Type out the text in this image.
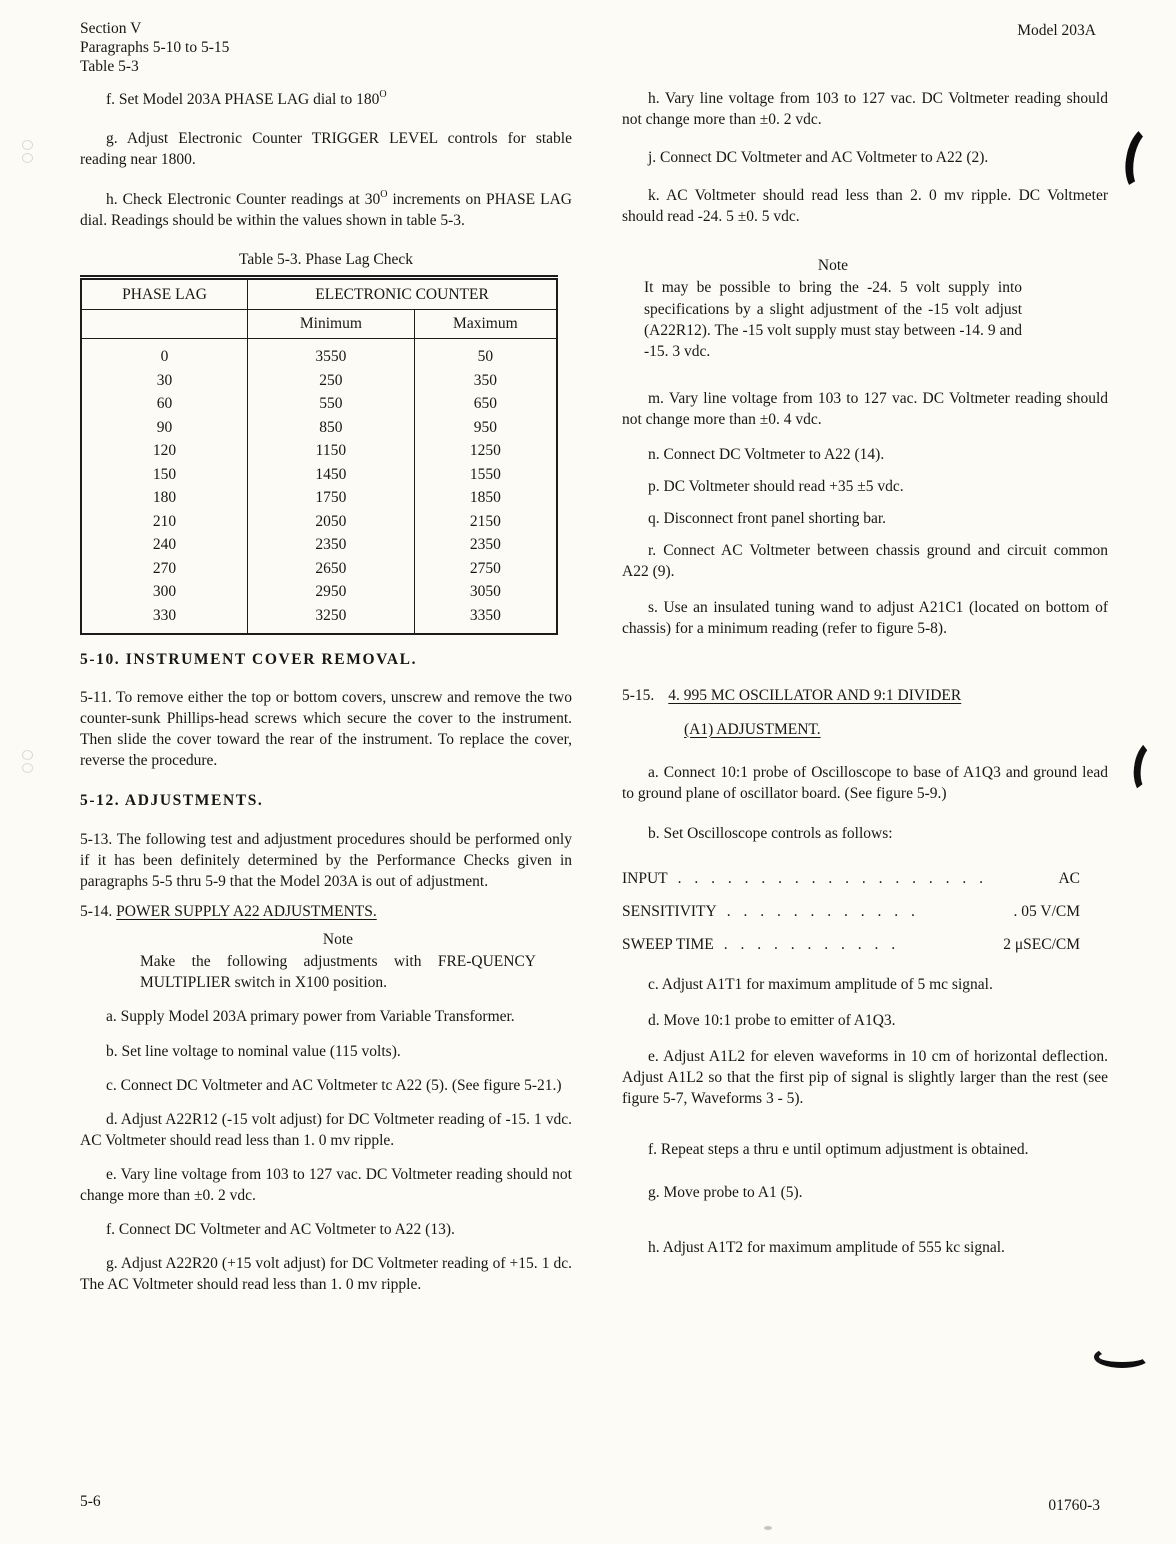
Section V
Paragraphs 5-10 to 5-15
Table 5-3
Model 203A

f. Set Model 203A PHASE LAG dial to $180^O$

g. Adjust Electronic Counter TRIGGER LEVEL controls for stable reading near 1800.

h. Check Electronic Counter readings at $30^O$ increments on PHASE LAG dial. Readings should be within the values shown in table 5-3.

Table 5-3. Phase Lag Check
PHASE LAG	ELECTRONIC COUNTER	
	Minimum	Maximum
0	3550	50
30	250	350
60	550	650
90	850	950
120	1150	1250
150	1450	1550
180	1750	1850
210	2050	2150
240	2350	2350
270	2650	2750
300	2950	3050
330	3250	3350
5-10. INSTRUMENT COVER REMOVAL.

5-11. To remove either the top or bottom covers, unscrew and remove the two counter-sunk Phillips-head screws which secure the cover to the instrument. Then slide the cover toward the rear of the instrument. To replace the cover, reverse the procedure.

5-12. ADJUSTMENTS.

5-13. The following test and adjustment procedures should be performed only if it has been definitely determined by the Performance Checks given in paragraphs 5-5 thru 5-9 that the Model 203A is out of adjustment.

5-14. POWER SUPPLY A22 ADJUSTMENTS.
Note

Make the following adjustments with FRE-QUENCY MULTIPLIER switch in X100 position.

a. Supply Model 203A primary power from Variable Transformer.

b. Set line voltage to nominal value (115 volts).

c. Connect DC Voltmeter and AC Voltmeter tc A22 (5). (See figure 5-21.)

d. Adjust A22R12 (-15 volt adjust) for DC Voltmeter reading of -15. 1 vdc. AC Voltmeter should read less than 1. 0 mv ripple.

e. Vary line voltage from 103 to 127 vac. DC Voltmeter reading should not change more than ±0. 2 vdc.

f. Connect DC Voltmeter and AC Voltmeter to A22 (13).

g. Adjust A22R20 (+15 volt adjust) for DC Voltmeter reading of +15. 1 dc. The AC Voltmeter should read less than 1. 0 mv ripple.

h. Vary line voltage from 103 to 127 vac. DC Voltmeter reading should not change more than ±0. 2 vdc.

j. Connect DC Voltmeter and AC Voltmeter to A22 (2).

k. AC Voltmeter should read less than 2. 0 mv ripple. DC Voltmeter should read -24. 5 ±0. 5 vdc.

Note

It may be possible to bring the -24. 5 volt supply into specifications by a slight adjustment of the -15 volt adjust (A22R12). The -15 volt supply must stay between -14. 9 and -15. 3 vdc.

m. Vary line voltage from 103 to 127 vac. DC Voltmeter reading should not change more than ±0. 4 vdc.

n. Connect DC Voltmeter to A22 (14).

p. DC Voltmeter should read +35 ±5 vdc.

q. Disconnect front panel shorting bar.

r. Connect AC Voltmeter between chassis ground and circuit common A22 (9).

s. Use an insulated tuning wand to adjust A21C1 (located on bottom of chassis) for a minimum reading (refer to figure 5-8).

5-15. 4. 995 MC OSCILLATOR AND 9:1 DIVIDER
(A1) ADJUSTMENT.

a. Connect 10:1 probe of Oscilloscope to base of A1Q3 and ground lead to ground plane of oscillator board. (See figure 5-9.)

b. Set Oscilloscope controls as follows:

INPUT . . . . . . . . . . . . . . . . . . .	AC
SENSITIVITY . . . . . . . . . . . .	. 05 V/CM
SWEEP TIME . . . . . . . . . . .	2 μSEC/CM

c. Adjust A1T1 for maximum amplitude of 5 mc signal.

d. Move 10:1 probe to emitter of A1Q3.

e. Adjust A1L2 for eleven waveforms in 10 cm of horizontal deflection. Adjust A1L2 so that the first pip of signal is slightly larger than the rest (see figure 5-7, Waveforms 3 - 5).

f. Repeat steps a thru e until optimum adjustment is obtained.

g. Move probe to A1 (5).

h. Adjust A1T2 for maximum amplitude of 555 kc signal.

5-6	01760-3
